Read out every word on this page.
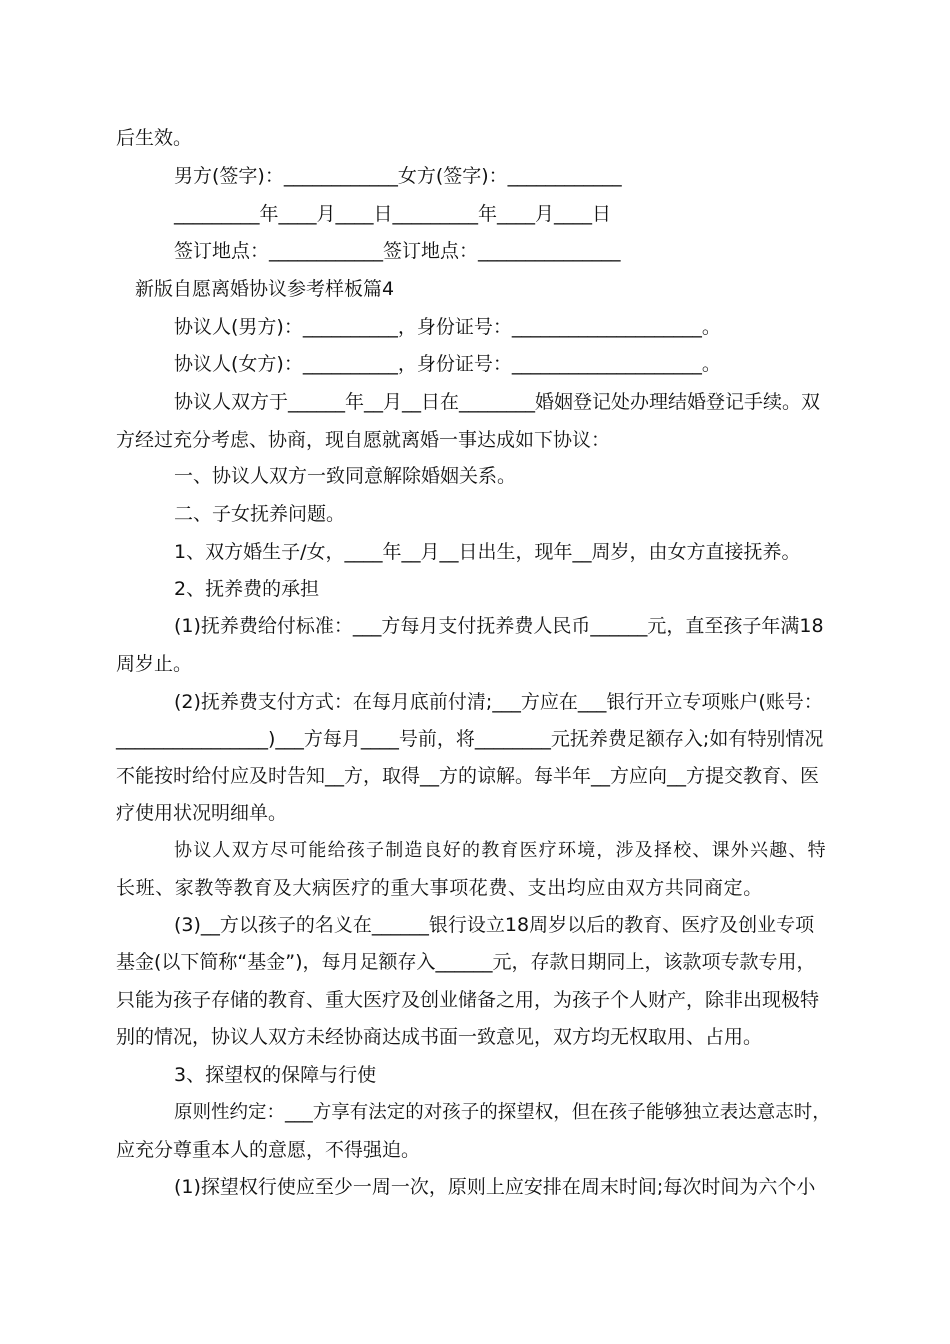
后生效。

男方(签字)：____________女方(签字)：____________

_________年____月____日_________年____月____日

签订地点：____________签订地点：_______________

新版自愿离婚协议参考样板篇4

协议人(男方)：__________，身份证号：____________________。

协议人(女方)：__________，身份证号：____________________。

协议人双方于______年__月__日在________婚姻登记处办理结婚登记手续。双

方经过充分考虑、协商，现自愿就离婚一事达成如下协议：

一、协议人双方一致同意解除婚姻关系。

二、子女抚养问题。

1、双方婚生子/女，____年__月__日出生，现年__周岁，由女方直接抚养。

2、抚养费的承担

(1)抚养费给付标准：___方每月支付抚养费人民币______元，直至孩子年满18

周岁止。

(2)抚养费支付方式：在每月底前付清;___方应在___银行开立专项账户(账号：

________________)___方每月____号前，将________元抚养费足额存入;如有特别情况

不能按时给付应及时告知__方，取得__方的谅解。每半年__方应向__方提交教育、医

疗使用状况明细单。

协议人双方尽可能给孩子制造良好的教育医疗环境，涉及择校、课外兴趣、特

长班、家教等教育及大病医疗的重大事项花费、支出均应由双方共同商定。

(3)__方以孩子的名义在______银行设立18周岁以后的教育、医疗及创业专项

基金(以下简称“基金”)，每月足额存入______元，存款日期同上，该款项专款专用，

只能为孩子存储的教育、重大医疗及创业储备之用，为孩子个人财产，除非出现极特

别的情况，协议人双方未经协商达成书面一致意见，双方均无权取用、占用。

3、探望权的保障与行使

原则性约定：___方享有法定的对孩子的探望权，但在孩子能够独立表达意志时，

应充分尊重本人的意愿，不得强迫。

(1)探望权行使应至少一周一次，原则上应安排在周末时间;每次时间为六个小
